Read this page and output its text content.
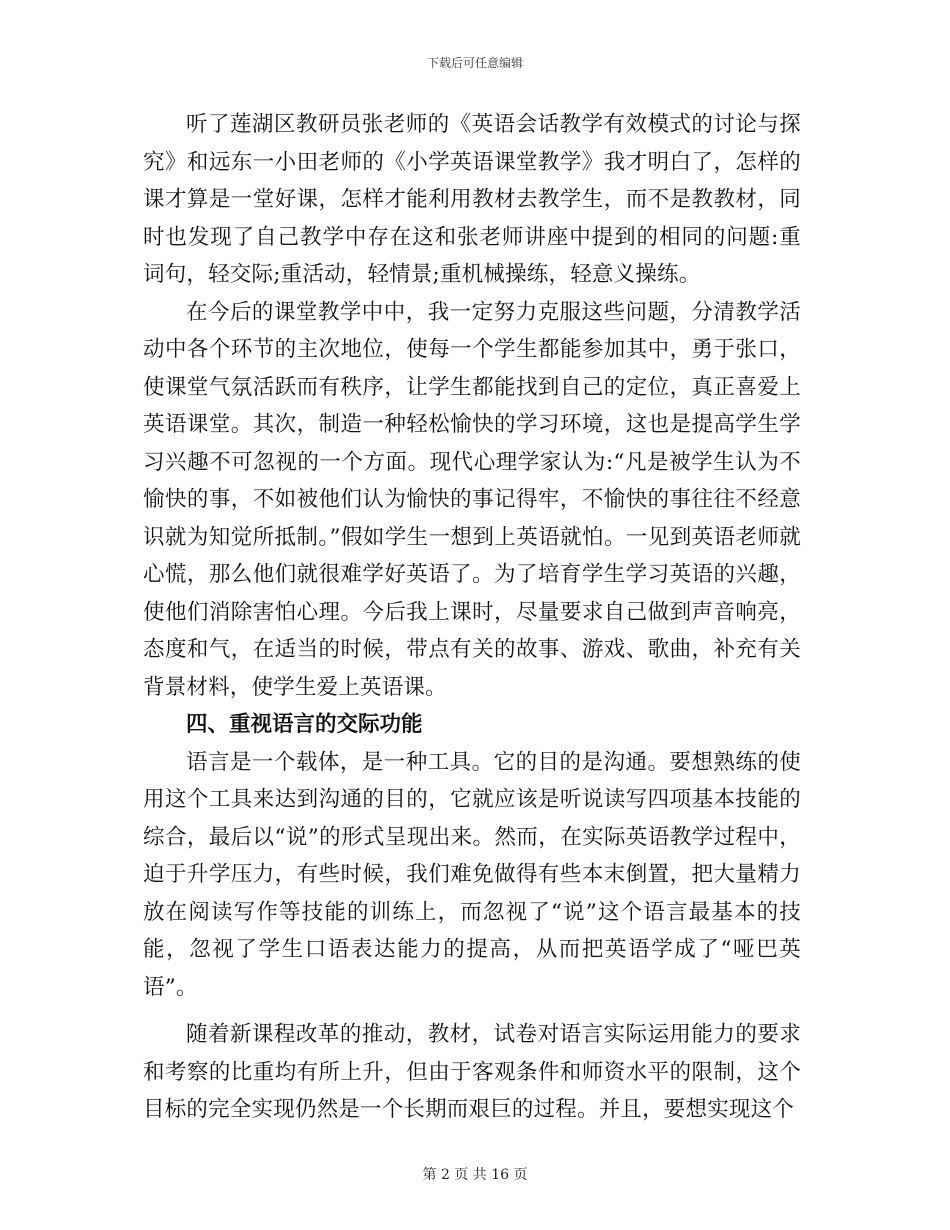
下载后可任意编辑

听了莲湖区教研员张老师的《英语会话教学有效模式的讨论与探究》和远东一小田老师的《小学英语课堂教学》我才明白了，怎样的课才算是一堂好课，怎样才能利用教材去教学生，而不是教教材，同时也发现了自己教学中存在这和张老师讲座中提到的相同的问题:重词句，轻交际;重活动，轻情景;重机械操练，轻意义操练。

在今后的课堂教学中中，我一定努力克服这些问题，分清教学活动中各个环节的主次地位，使每一个学生都能参加其中，勇于张口，使课堂气氛活跃而有秩序，让学生都能找到自己的定位，真正喜爱上英语课堂。其次，制造一种轻松愉快的学习环境，这也是提高学生学习兴趣不可忽视的一个方面。现代心理学家认为:“凡是被学生认为不愉快的事，不如被他们认为愉快的事记得牢，不愉快的事往往不经意识就为知觉所抵制。”假如学生一想到上英语就怕。一见到英语老师就心慌，那么他们就很难学好英语了。为了培育学生学习英语的兴趣，使他们消除害怕心理。今后我上课时，尽量要求自己做到声音响亮，态度和气，在适当的时候，带点有关的故事、游戏、歌曲，补充有关背景材料，使学生爱上英语课。

四、重视语言的交际功能

语言是一个载体，是一种工具。它的目的是沟通。要想熟练的使用这个工具来达到沟通的目的，它就应该是听说读写四项基本技能的综合，最后以“说”的形式呈现出来。然而，在实际英语教学过程中，迫于升学压力，有些时候，我们难免做得有些本末倒置，把大量精力放在阅读写作等技能的训练上，而忽视了“说”这个语言最基本的技能，忽视了学生口语表达能力的提高，从而把英语学成了“哑巴英语”。

随着新课程改革的推动，教材，试卷对语言实际运用能力的要求和考察的比重均有所上升，但由于客观条件和师资水平的限制，这个目标的完全实现仍然是一个长期而艰巨的过程。并且，要想实现这个

第 2 页 共 16 页
